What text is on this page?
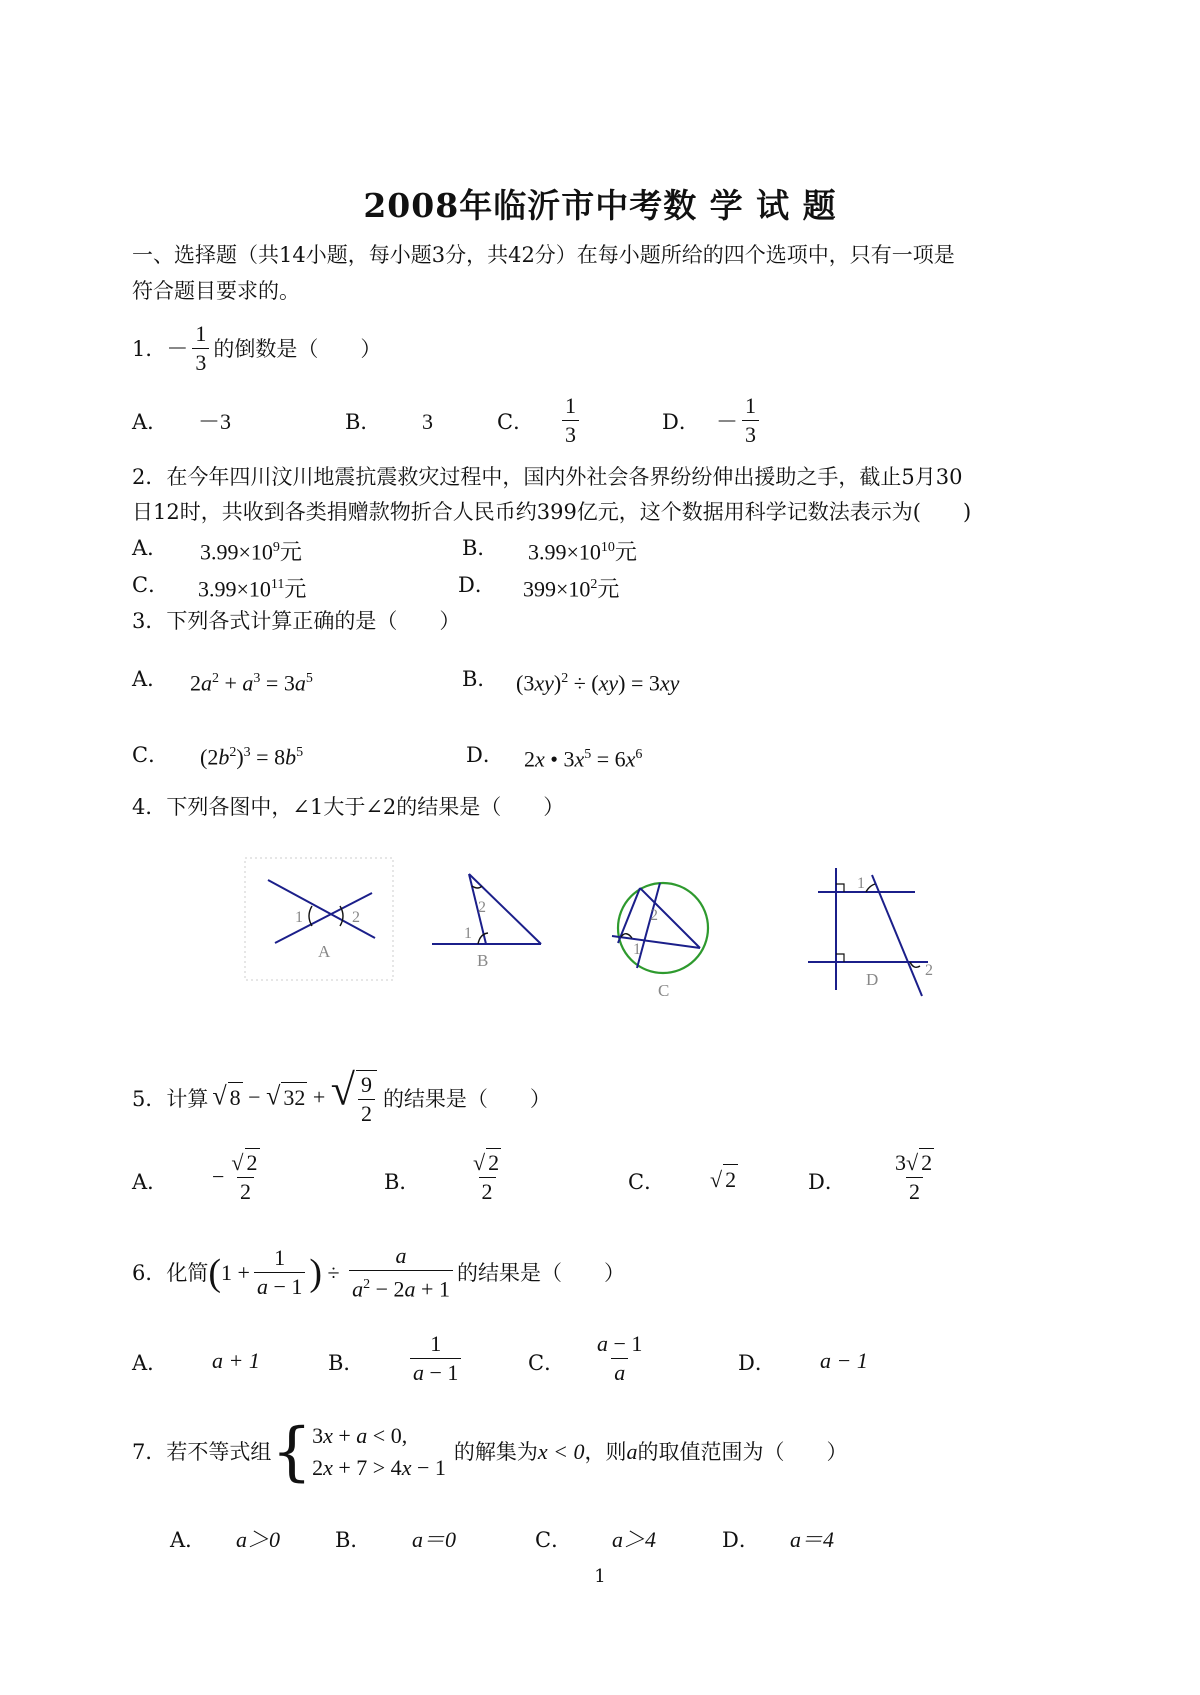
2008年临沂市中考数 学 试 题
一、选择题（共14小题，每小题3分，共42分）在每小题所给的四个选项中，只有一项是
符合题目要求的。
1． － $\frac{1}{3}$ 的倒数是（　　）
A． －3	B． 3	C． $\frac{1}{3}$	D． － $\frac{1}{3}$
2．在今年四川汶川地震抗震救灾过程中，国内外社会各界纷纷伸出援助之手，截止5月30
日12时，共收到各类捐赠款物折合人民币约399亿元，这个数据用科学记数法表示为(　　)
A． $3.99\times 10^9$元	B． $3.99\times 10^{10}$元
C． $3.99\times 10^{11}$元	D． $399\times 10^2$元
3．下列各式计算正确的是（　　）
A． $2a^2 + a^3 = 3a^5$	B． $(3xy)^2 \div (xy) = 3xy$
C． $(2b^2)^3 = 8b^5$	D． 2x • $3x^5 = 6x^6$
4．下列各图中，∠1大于∠2的结果是（　　）
1	2
A
2
1
B
2
1
C
1
2
D
5．计算 √ 8 − √ 32 + √ $\frac{9}{2}$ 的结果是（　　）
A． − $\frac{√ 2}{2}$	B． $\frac{√ 2}{2}$	C． √ 2	D． $\frac{3√ 2}{2}$
6．化简 ( $1 + \frac{1}{a - 1}$ ) ÷ $\frac{a}{a^2 - 2a + 1}$ 的结果是（　　）
A． a + 1	B． $\frac{1}{a - 1}$	C． $\frac{a - 1}{a}$	D． a − 1
7．若不等式组 { 3x + a < 0,
2x + 7 > 4x − 1
的解集为 x < 0 ，则 a 的取值范围为（　　）
A． a＞0	B． a＝0	C． a＞4	D． a＝4
1
